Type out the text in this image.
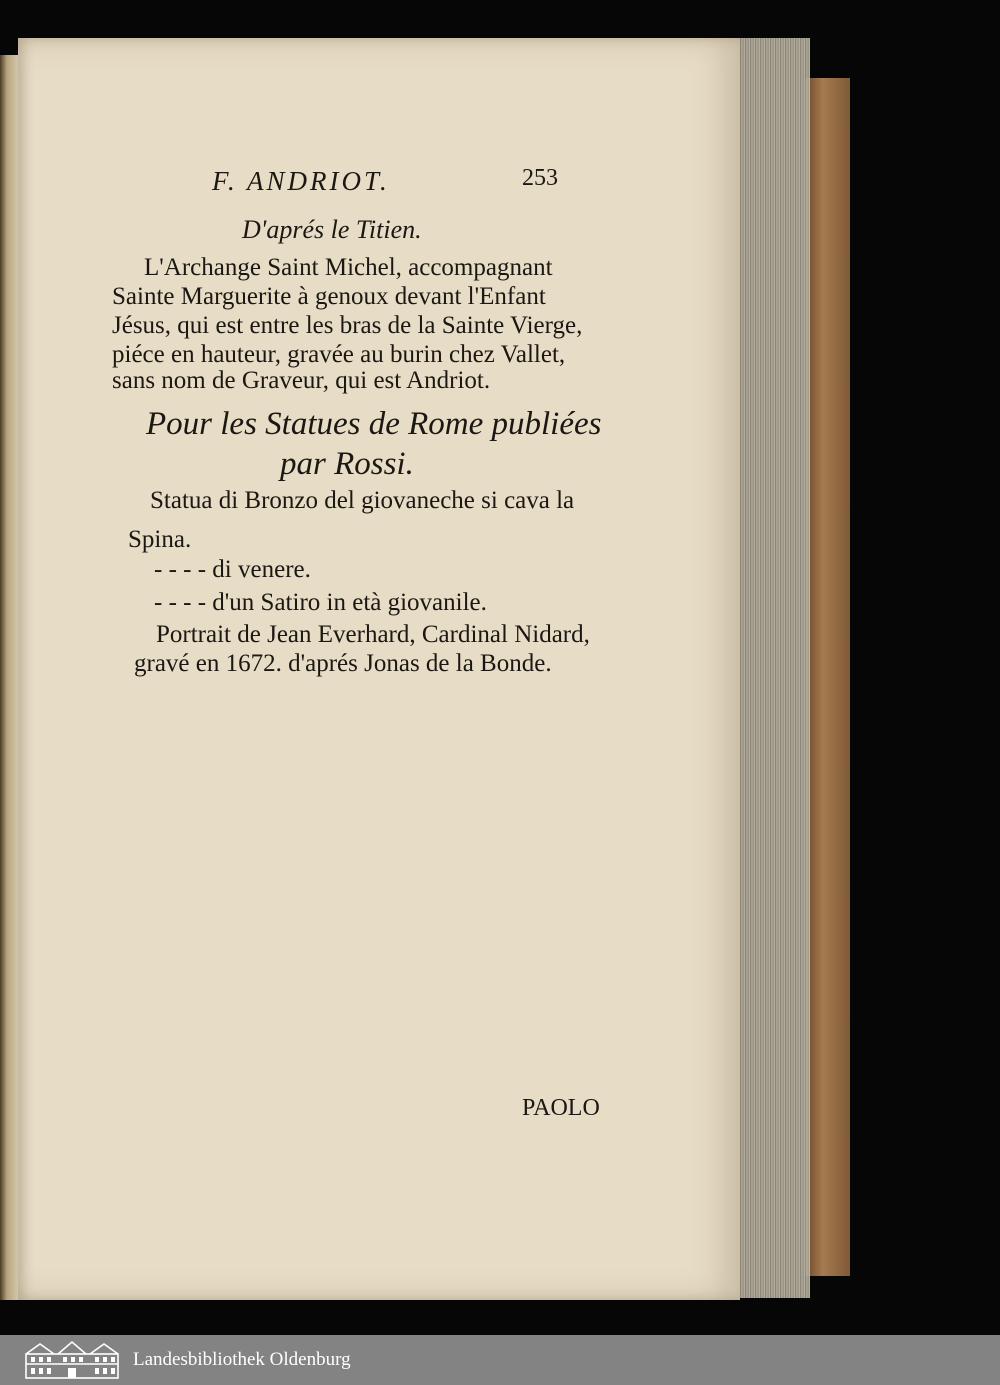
F. ANDRIOT.	253

D'aprés le Titien.

L'Archange Saint Michel, accompagnant

Sainte Marguerite à genoux devant l'Enfant

Jésus, qui est entre les bras de la Sainte Vierge,

piéce en hauteur, gravée au burin chez Vallet,

sans nom de Graveur, qui est Andriot.

Pour les Statues de Rome publiées

par Rossi.

Statua di Bronzo del giovaneche si cava la

Spina.

- - - - di venere.

- - - - d'un Satiro in età giovanile.

Portrait de Jean Everhard, Cardinal Nidard,

gravé en 1672. d'aprés Jonas de la Bonde.

PAOLO

Landesbibliothek Oldenburg
